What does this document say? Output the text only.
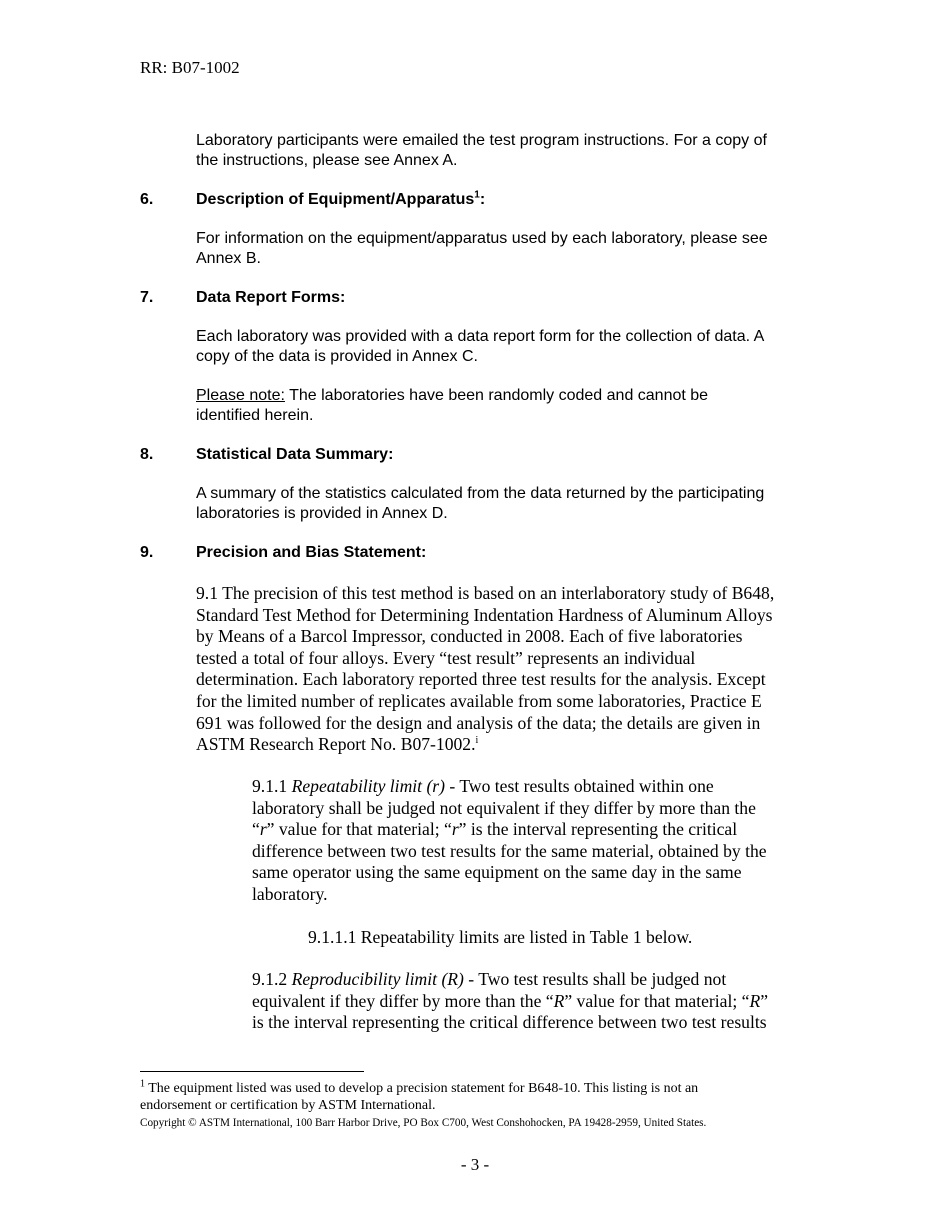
RR: B07-1002
Laboratory participants were emailed the test program instructions. For a copy of
the instructions, please see Annex A.
6.	Description of Equipment/Apparatus$^1$:
For information on the equipment/apparatus used by each laboratory, please see
Annex B.
7.	Data Report Forms:
Each laboratory was provided with a data report form for the collection of data. A
copy of the data is provided in Annex C.
Please note: The laboratories have been randomly coded and cannot be
identified herein.
8.	Statistical Data Summary:
A summary of the statistics calculated from the data returned by the participating
laboratories is provided in Annex D.
9.	Precision and Bias Statement:
9.1 The precision of this test method is based on an interlaboratory study of B648,
Standard Test Method for Determining Indentation Hardness of Aluminum Alloys
by Means of a Barcol Impressor, conducted in 2008. Each of five laboratories
tested a total of four alloys. Every “test result” represents an individual
determination. Each laboratory reported three test results for the analysis. Except
for the limited number of replicates available from some laboratories, Practice E
691 was followed for the design and analysis of the data; the details are given in
ASTM Research Report No. B07-1002.$^i$
9.1.1 Repeatability limit (r) - Two test results obtained within one
laboratory shall be judged not equivalent if they differ by more than the
“r” value for that material; “r” is the interval representing the critical
difference between two test results for the same material, obtained by the
same operator using the same equipment on the same day in the same
laboratory.
9.1.1.1 Repeatability limits are listed in Table 1 below.
9.1.2 Reproducibility limit (R) - Two test results shall be judged not
equivalent if they differ by more than the “R” value for that material; “R”
is the interval representing the critical difference between two test results
$^1$ The equipment listed was used to develop a precision statement for B648-10. This listing is not an
endorsement or certification by ASTM International.
Copyright © ASTM International, 100 Barr Harbor Drive, PO Box C700, West Conshohocken, PA 19428-2959, United States.
- 3 -
